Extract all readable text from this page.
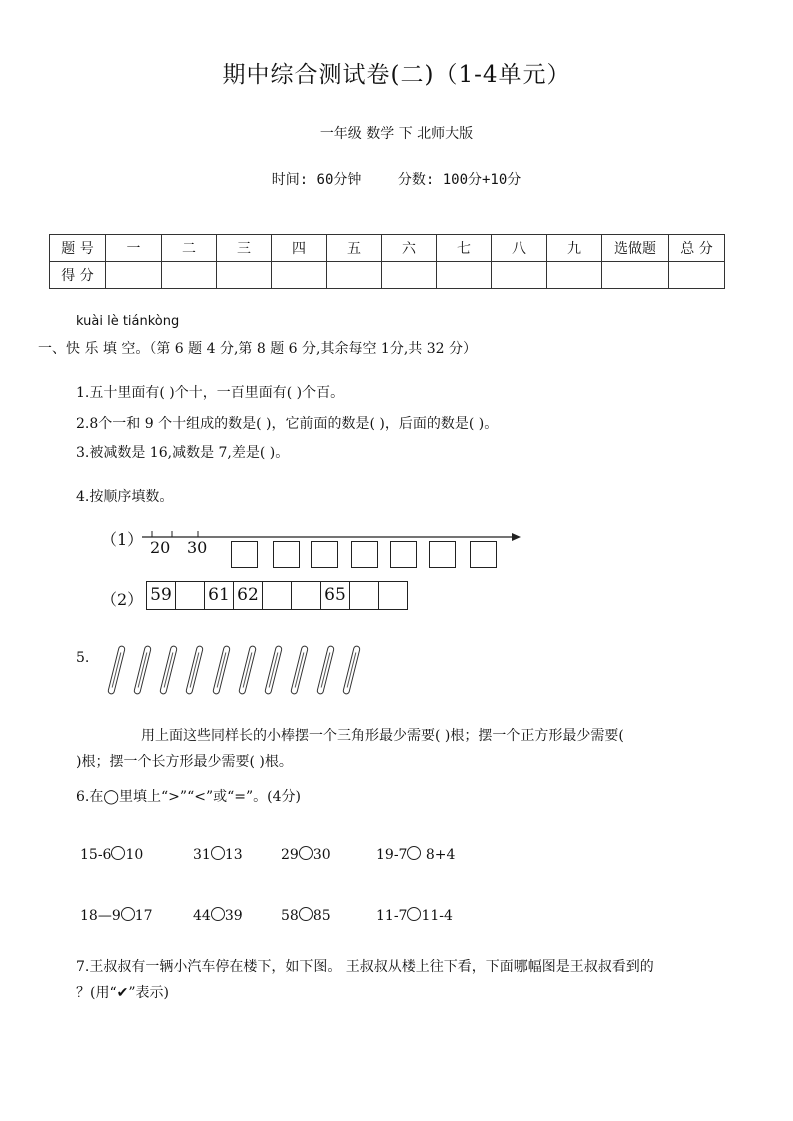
期中综合测试卷(二)（1-4单元）
一年级 数学 下 北师大版
时间: 60分钟	分数: 100分+10分
题 号	一	二	三	四	五	六	七	八	九	选做题	总 分
得 分											
kuài lè tiánkòng
一、快 乐 填 空。（第 6 题 4 分,第 8 题 6 分,其余每空 1分,共 32 分）
1.五十里面有( )个十，一百里面有( )个百。
2.8个一和 9 个十组成的数是( )，它前面的数是( )，后面的数是( )。
3.被减数是 16,减数是 7,差是( )。
4.按顺序填数。
（1） 20 30
（2） 59 61 62	65
5.
用上面这些同样长的小棒摆一个三角形最少需要( )根；摆一个正方形最少需要(
)根；摆一个长方形最少需要( )根。
6.在◯里填上“>”“<”或“=”。(4分)
15-6 10	31 13	29 30	19-7 8+4
18—9 17	44 39	58 85	11-7 11-4
7.王叔叔有一辆小汽车停在楼下，如下图。 王叔叔从楼上往下看，下面哪幅图是王叔叔看到的
？(用“✔”表示)
